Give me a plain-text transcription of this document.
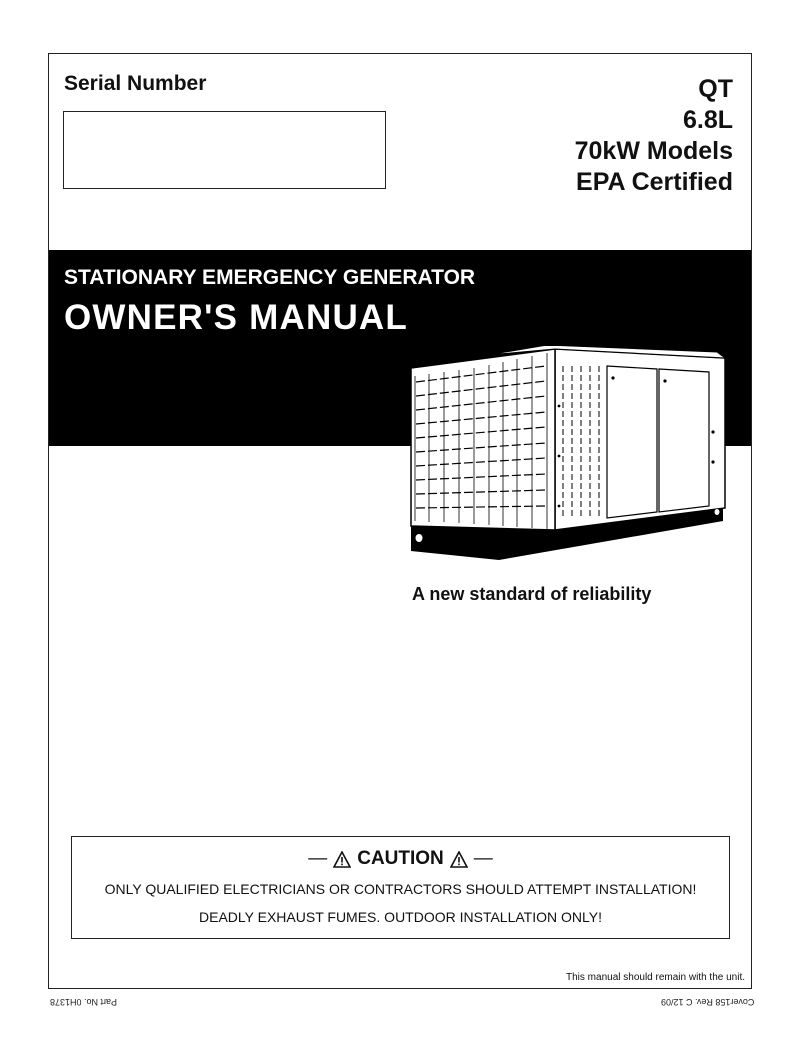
Serial Number	QT
6.8L
70kW Models
EPA Certified
STATIONARY EMERGENCY GENERATOR
OWNER'S MANUAL
A new standard of reliability
— CAUTION —
ONLY QUALIFIED ELECTRICIANS OR CONTRACTORS SHOULD ATTEMPT INSTALLATION!
DEADLY EXHAUST FUMES. OUTDOOR INSTALLATION ONLY!
This manual should remain with the unit.
Part No. 0H1378	Cover158 Rev. C 12/09
